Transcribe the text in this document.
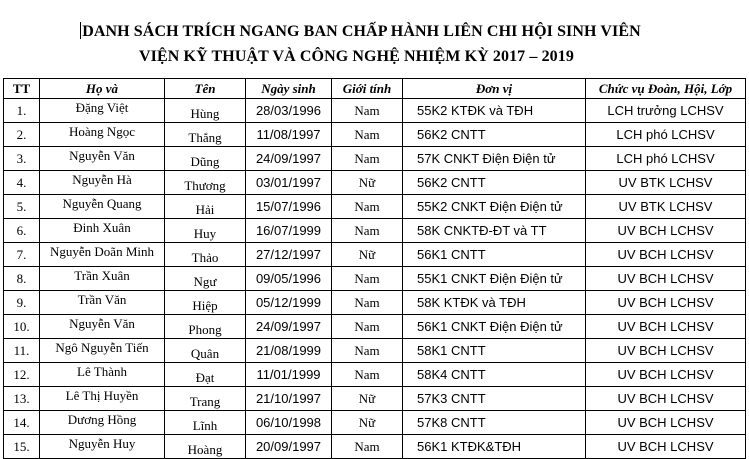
DANH SÁCH TRÍCH NGANG BAN CHẤP HÀNH LIÊN CHI HỘI SINH VIÊN
VIỆN KỸ THUẬT VÀ CÔNG NGHỆ NHIỆM KỲ 2017 – 2019
TT	Họ và	Tên	Ngày sinh	Giới tính	Đơn vị	Chức vụ Đoàn, Hội, Lớp
1.	Đặng Việt	Hùng	28/03/1996	Nam	55K2 KTĐK và TĐH	LCH trưởng LCHSV
2.	Hoàng Ngọc	Thắng	11/08/1997	Nam	56K2 CNTT	LCH phó LCHSV
3.	Nguyễn Văn	Dũng	24/09/1997	Nam	57K CNKT Điện Điện tử	LCH phó LCHSV
4.	Nguyễn Hà	Thương	03/01/1997	Nữ	56K2 CNTT	UV BTK LCHSV
5.	Nguyễn Quang	Hải	15/07/1996	Nam	55K2 CNKT Điện Điện tử	UV BTK LCHSV
6.	Đinh Xuân	Huy	16/07/1999	Nam	58K CNKTĐ-ĐT và TT	UV BCH LCHSV
7.	Nguyễn Doãn Minh	Thảo	27/12/1997	Nữ	56K1 CNTT	UV BCH LCHSV
8.	Trần Xuân	Ngư	09/05/1996	Nam	55K1 CNKT Điện Điện tử	UV BCH LCHSV
9.	Trần Văn	Hiệp	05/12/1999	Nam	58K KTĐK và TĐH	UV BCH LCHSV
10.	Nguyễn Văn	Phong	24/09/1997	Nam	56K1 CNKT Điện Điện tử	UV BCH LCHSV
11.	Ngô Nguyễn Tiến	Quân	21/08/1999	Nam	58K1 CNTT	UV BCH LCHSV
12.	Lê Thành	Đạt	11/01/1999	Nam	58K4 CNTT	UV BCH LCHSV
13.	Lê Thị Huyền	Trang	21/10/1997	Nữ	57K3 CNTT	UV BCH LCHSV
14.	Dương Hồng	Lĩnh	06/10/1998	Nữ	57K8 CNTT	UV BCH LCHSV
15.	Nguyễn Huy	Hoàng	20/09/1997	Nam	56K1 KTĐK&TĐH	UV BCH LCHSV
